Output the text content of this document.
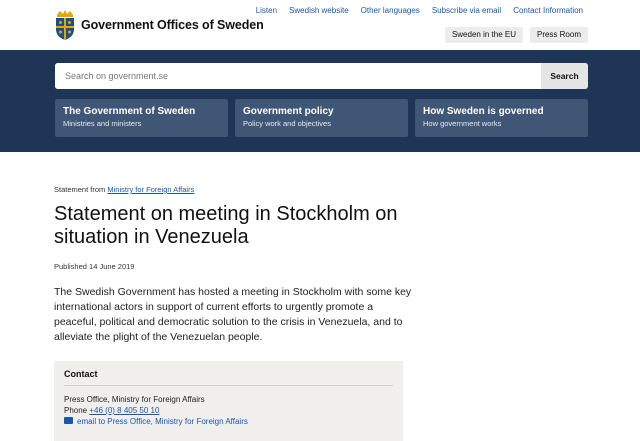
Government Offices of Sweden
Listen Swedish website Other languages Subscribe via email Contact Information
Sweden in the EU	Press Room
Search on government.se
Search
The Government of Sweden
Ministries and ministers
Government policy
Policy work and objectives
How Sweden is governed
How government works
Statement from Ministry for Foreign Affairs
Statement on meeting in Stockholm on situation in Venezuela
Published 14 June 2019

The Swedish Government has hosted a meeting in Stockholm with some key international actors in support of current efforts to urgently promote a peaceful, political and democratic solution to the crisis in Venezuela, and to alleviate the plight of the Venezuelan people.

Contact
Press Office, Ministry for Foreign Affairs
Phone +46 (0) 8 405 50 10
email to Press Office, Ministry for Foreign Affairs
